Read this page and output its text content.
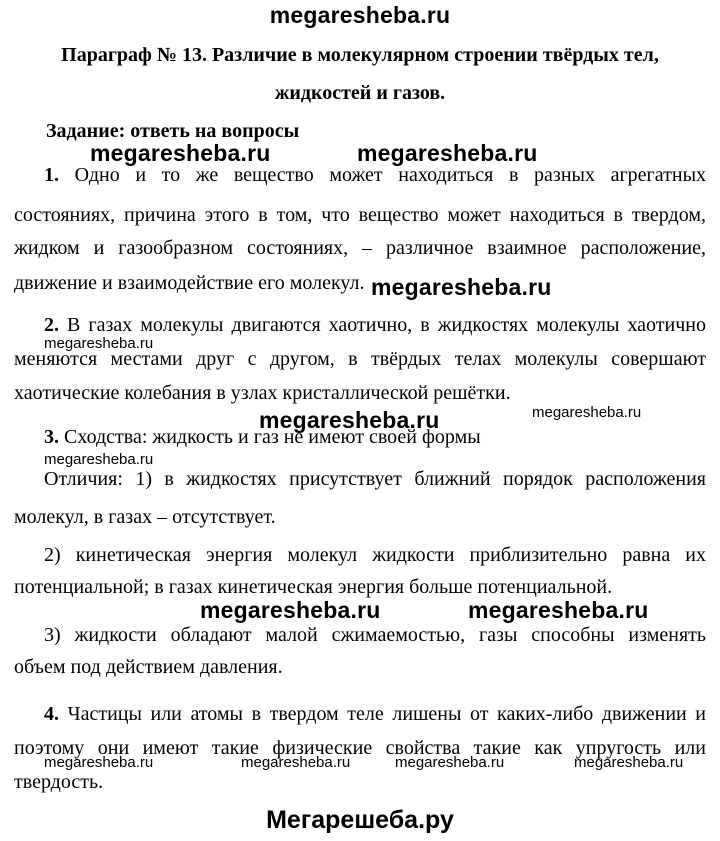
megaresheba.ru
Параграф № 13. Различие в молекулярном строении твёрдых тел,
жидкостей и газов.
Задание: ответь на вопросы
1. Одно и то же вещество может находиться в разных агрегатных
состояниях, причина этого в том, что вещество может находиться в твердом,
жидком и газообразном состояниях, – различное взаимное расположение,
движение и взаимодействие его молекул.
2. В газах молекулы двигаются хаотично, в жидкостях молекулы хаотично
меняются местами друг с другом, в твёрдых телах молекулы совершают
хаотические колебания в узлах кристаллической решётки.
3. Сходства: жидкость и газ не имеют своей формы
Отличия: 1) в жидкостях присутствует ближний порядок расположения
молекул, в газах – отсутствует.
2) кинетическая энергия молекул жидкости приблизительно равна их
потенциальной; в газах кинетическая энергия больше потенциальной.
3) жидкости обладают малой сжимаемостью, газы способны изменять
объем под действием давления.
4. Частицы или атомы в твердом теле лишены от каких-либо движении и
поэтому они имеют такие физические свойства такие как упругость или
твердость.
megaresheba.ru	megaresheba.ru
megaresheba.ru
megaresheba.ru
megaresheba.ru	megaresheba.ru
megaresheba.ru
megaresheba.ru
megaresheba.ru
megaresheba.ru	megaresheba.ru	megaresheba.ru	megaresheba.ru
Мегарешеба.ру
